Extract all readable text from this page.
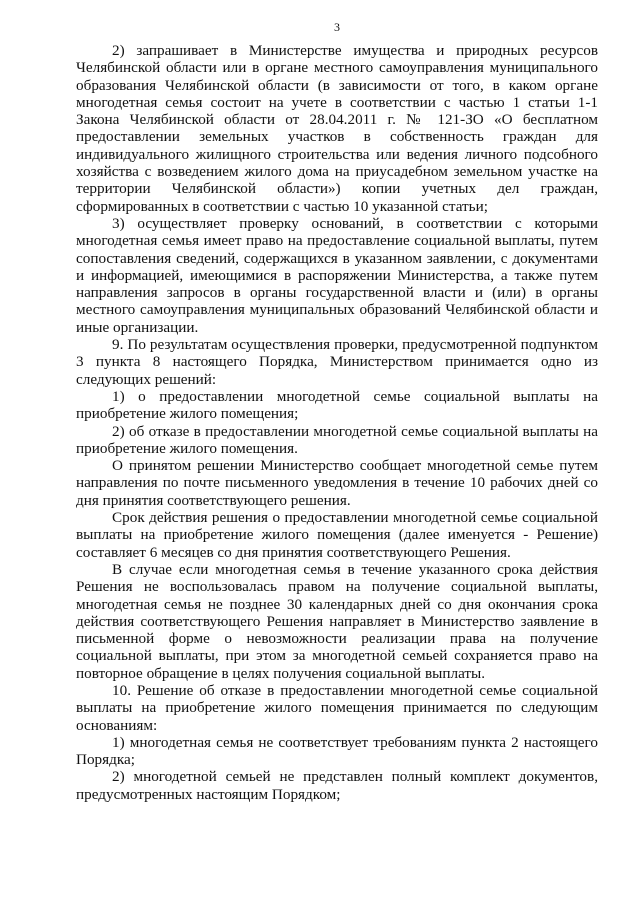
3

2) запрашивает в Министерстве имущества и природных ресурсов Челябинской области или в органе местного самоуправления муниципального образования Челябинской области (в зависимости от того, в каком органе многодетная семья состоит на учете в соответствии с частью 1 статьи 1-1 Закона Челябинской области от 28.04.2011 г. № 121-ЗО «О бесплатном предоставлении земельных участков в собственность граждан для индивидуального жилищного строительства или ведения личного подсобного хозяйства с возведением жилого дома на приусадебном земельном участке на территории Челябинской области») копии учетных дел граждан, сформированных в соответствии с частью 10 указанной статьи;

3) осуществляет проверку оснований, в соответствии с которыми многодетная семья имеет право на предоставление социальной выплаты, путем сопоставления сведений, содержащихся в указанном заявлении, с документами и информацией, имеющимися в распоряжении Министерства, а также путем направления запросов в органы государственной власти и (или) в органы местного самоуправления муниципальных образований Челябинской области и иные организации.

9. По результатам осуществления проверки, предусмотренной подпунктом 3 пункта 8 настоящего Порядка, Министерством принимается одно из следующих решений:

1) о предоставлении многодетной семье социальной выплаты на приобретение жилого помещения;

2) об отказе в предоставлении многодетной семье социальной выплаты на приобретение жилого помещения.

О принятом решении Министерство сообщает многодетной семье путем направления по почте письменного уведомления в течение 10 рабочих дней со дня принятия соответствующего решения.

Срок действия решения о предоставлении многодетной семье социальной выплаты на приобретение жилого помещения (далее именуется - Решение) составляет 6 месяцев со дня принятия соответствующего Решения.

В случае если многодетная семья в течение указанного срока действия Решения не воспользовалась правом на получение социальной выплаты, многодетная семья не позднее 30 календарных дней со дня окончания срока действия соответствующего Решения направляет в Министерство заявление в письменной форме о невозможности реализации права на получение социальной выплаты, при этом за многодетной семьей сохраняется право на повторное обращение в целях получения социальной выплаты.

10. Решение об отказе в предоставлении многодетной семье социальной выплаты на приобретение жилого помещения принимается по следующим основаниям:

1) многодетная семья не соответствует требованиям пункта 2 настоящего Порядка;

2) многодетной семьей не представлен полный комплект документов, предусмотренных настоящим Порядком;
